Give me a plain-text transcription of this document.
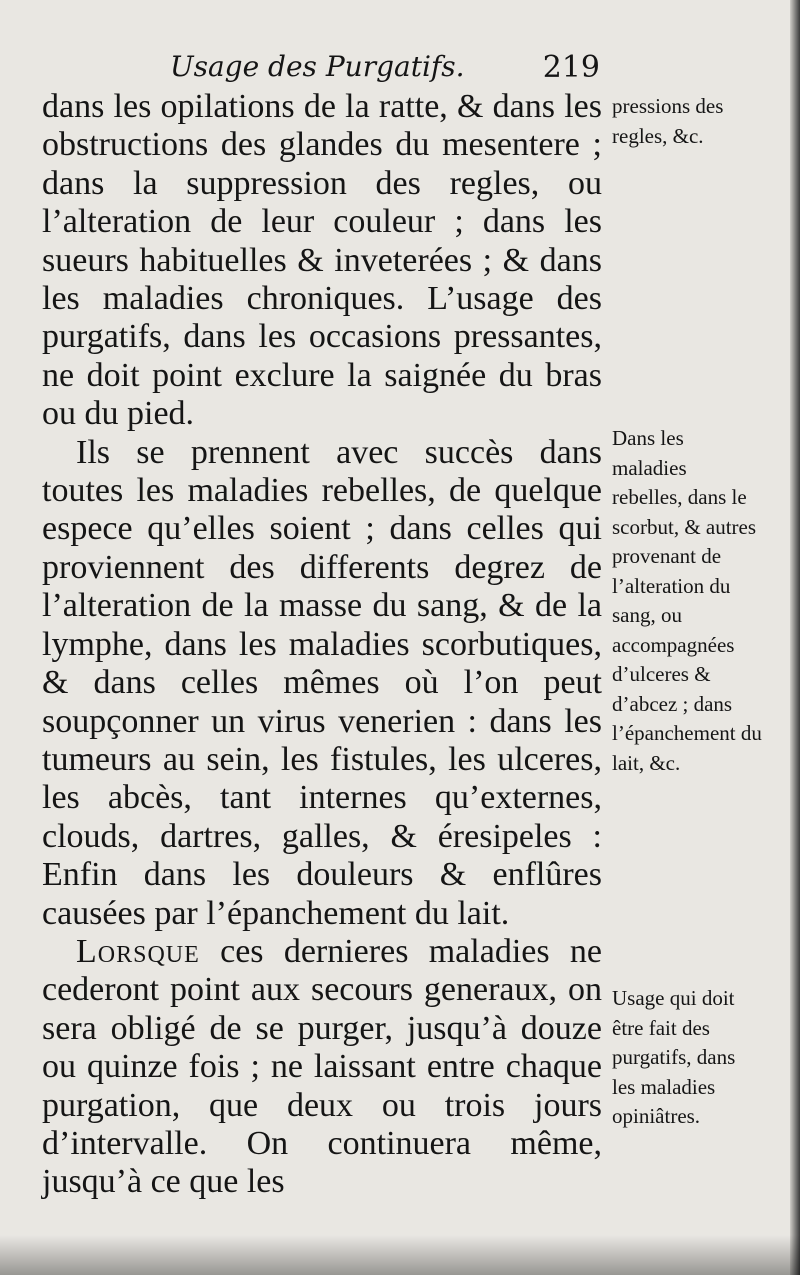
Usage des Purgatifs.	219

dans les opilations de la ratte, & dans les obstructions des glandes du mesentere ; dans la suppression des regles, ou l’alteration de leur couleur ; dans les sueurs habituelles & inveterées ; & dans les maladies chroniques. L’usage des purgatifs, dans les occasions pressantes, ne doit point exclure la saignée du bras ou du pied.

Ils se prennent avec succès dans toutes les maladies rebelles, de quelque espece qu’elles soient ; dans celles qui proviennent des differents degrez de l’alteration de la masse du sang, & de la lymphe, dans les maladies scorbutiques, & dans celles mêmes où l’on peut soupçonner un virus venerien : dans les tumeurs au sein, les fistules, les ulceres, les abcès, tant internes qu’externes, clouds, dartres, galles, & éresipeles : Enfin dans les douleurs & enflûres causées par l’épanchement du lait.

Lorsque ces dernieres maladies ne cederont point aux secours generaux, on sera obligé de se purger, jusqu’à douze ou quinze fois ; ne laissant entre chaque purgation, que deux ou trois jours d’intervalle. On continuera même, jusqu’à ce que les

pressions des regles, &c.

Dans les maladies rebelles, dans le scorbut, & autres provenant de l’alteration du sang, ou accompagnées d’ulceres & d’abcez ; dans l’épanchement du lait, &c.

Usage qui doit être fait des purgatifs, dans les maladies opiniâtres.
